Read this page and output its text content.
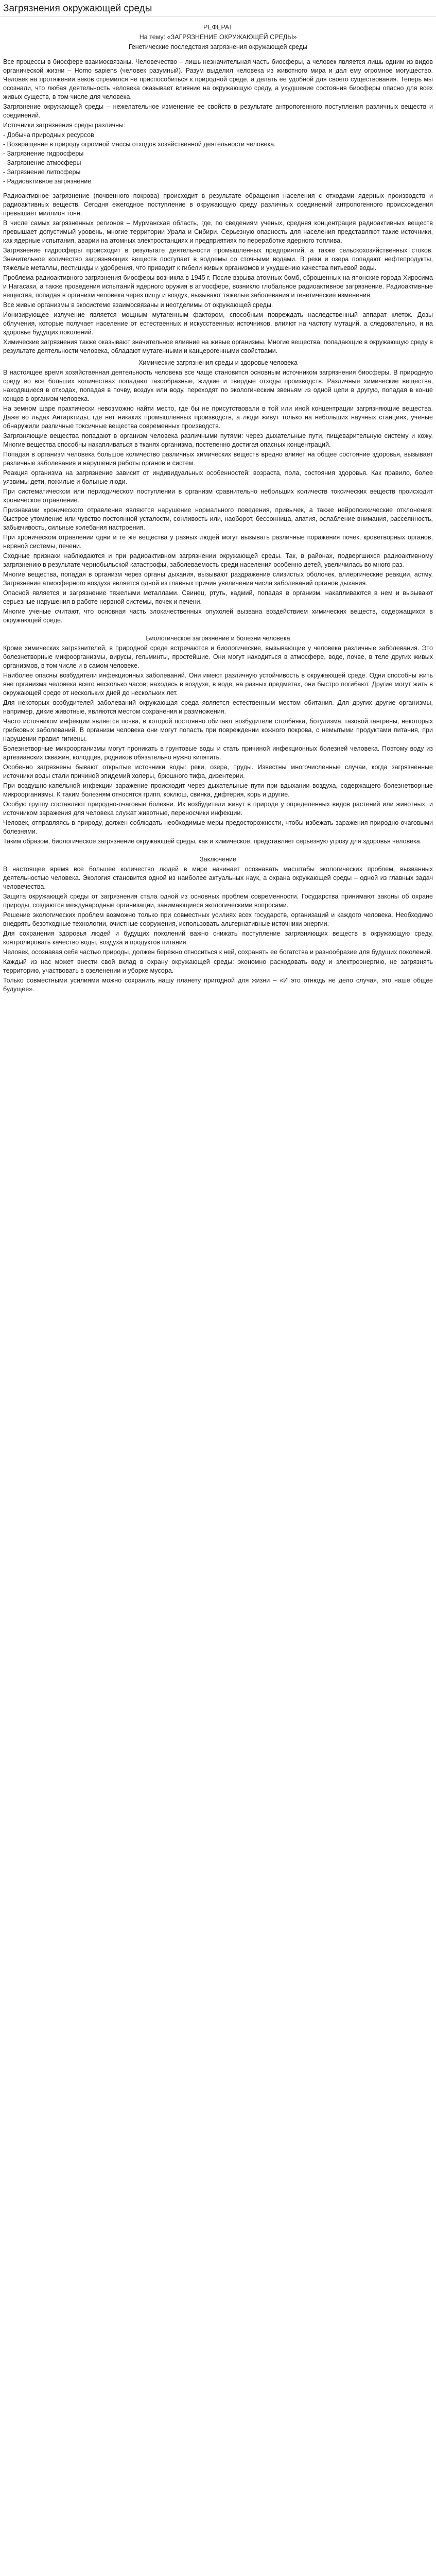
Загрязнения окружающей среды

РЕФЕРАТ

На тему: «ЗАГРЯЗНЕНИЕ ОКРУЖАЮЩЕЙ СРЕДЫ»

Генетические последствия загрязнения окружающей среды

Все процессы в биосфере взаимосвязаны. Человечество – лишь незначительная часть биосферы, а человек является лишь одним из видов органической жизни – Homo sapiens (человек разумный). Разум выделил человека из животного мира и дал ему огромное могущество. Человек на протяжении веков стремился не приспособиться к природной среде, а делать ее удобной для своего существования. Теперь мы осознали, что любая деятельность человека оказывает влияние на окружающую среду, а ухудшение состояния биосферы опасно для всех живых существ, в том числе для человека.

Загрязнение окружающей среды – нежелательное изменение ее свойств в результате антропогенного поступления различных веществ и соединений.

Источники загрязнения среды различны:

- Добыча природных ресурсов

- Возвращение в природу огромной массы отходов хозяйственной деятельности человека.

- Загрязнение гидросферы

- Загрязнение атмосферы

- Загрязнение литосферы

- Радиоактивное загрязнение

Радиоактивное загрязнение (почвенного покрова) происходит в результате обращения населения с отходами ядерных производств и радиоактивных веществ. Сегодня ежегодное поступление в окружающую среду различных соединений антропогенного происхождения превышает миллион тонн.

В числе самых загрязненных регионов – Мурманская область, где, по сведениям ученых, средняя концентрация радиоактивных веществ превышает допустимый уровень, многие территории Урала и Сибири. Серьезную опасность для населения представляют такие источники, как ядерные испытания, аварии на атомных электростанциях и предприятиях по переработке ядерного топлива.

Загрязнение гидросферы происходит в результате деятельности промышленных предприятий, а также сельскохозяйственных стоков. Значительное количество загрязняющих веществ поступает в водоемы со сточными водами. В реки и озера попадают нефтепродукты, тяжелые металлы, пестициды и удобрения, что приводит к гибели живых организмов и ухудшению качества питьевой воды.

Проблема радиоактивного загрязнения биосферы возникла в 1945 г. После взрыва атомных бомб, сброшенных на японские города Хиросима и Нагасаки, а также проведения испытаний ядерного оружия в атмосфере, возникло глобальное радиоактивное загрязнение. Радиоактивные вещества, попадая в организм человека через пищу и воздух, вызывают тяжелые заболевания и генетические изменения.

Все живые организмы в экосистеме взаимосвязаны и неотделимы от окружающей среды.

Ионизирующее излучение является мощным мутагенным фактором, способным повреждать наследственный аппарат клеток. Дозы облучения, которые получает население от естественных и искусственных источников, влияют на частоту мутаций, а следовательно, и на здоровье будущих поколений.

Химические загрязнения также оказывают значительное влияние на живые организмы. Многие вещества, попадающие в окружающую среду в результате деятельности человека, обладают мутагенными и канцерогенными свойствами.

Химические загрязнения среды и здоровье человека

В настоящее время хозяйственная деятельность человека все чаще становится основным источником загрязнения биосферы. В природную среду во все больших количествах попадают газообразные, жидкие и твердые отходы производств. Различные химические вещества, находящиеся в отходах, попадая в почву, воздух или воду, переходят по экологическим звеньям из одной цепи в другую, попадая в конце концов в организм человека.

На земном шаре практически невозможно найти место, где бы не присутствовали в той или иной концентрации загрязняющие вещества. Даже во льдах Антарктиды, где нет никаких промышленных производств, а люди живут только на небольших научных станциях, ученые обнаружили различные токсичные вещества современных производств.

Загрязняющие вещества попадают в организм человека различными путями: через дыхательные пути, пищеварительную систему и кожу. Многие вещества способны накапливаться в тканях организма, постепенно достигая опасных концентраций.

Попадая в организм человека большое количество различных химических веществ вредно влияет на общее состояние здоровья, вызывает различные заболевания и нарушения работы органов и систем.

Реакция организма на загрязнение зависит от индивидуальных особенностей: возраста, пола, состояния здоровья. Как правило, более уязвимы дети, пожилые и больные люди.

При систематическом или периодическом поступлении в организм сравнительно небольших количеств токсических веществ происходит хроническое отравление.

Признаками хронического отравления являются нарушение нормального поведения, привычек, а также нейропсихические отклонения: быстрое утомление или чувство постоянной усталости, сонливость или, наоборот, бессонница, апатия, ослабление внимания, рассеянность, забывчивость, сильные колебания настроения.

При хроническом отравлении одни и те же вещества у разных людей могут вызывать различные поражения почек, кроветворных органов, нервной системы, печени.

Сходные признаки наблюдаются и при радиоактивном загрязнении окружающей среды. Так, в районах, подвергшихся радиоактивному загрязнению в результате чернобыльской катастрофы, заболеваемость среди населения особенно детей, увеличилась во много раз.

Многие вещества, попадая в организм через органы дыхания, вызывают раздражение слизистых оболочек, аллергические реакции, астму. Загрязнение атмосферного воздуха является одной из главных причин увеличения числа заболеваний органов дыхания.

Опасной является и загрязнение тяжелыми металлами. Свинец, ртуть, кадмий, попадая в организм, накапливаются в нем и вызывают серьезные нарушения в работе нервной системы, почек и печени.

Многие ученые считают, что основная часть злокачественных опухолей вызвана воздействием химических веществ, содержащихся в окружающей среде.

Биологическое загрязнение и болезни человека

Кроме химических загрязнителей, в природной среде встречаются и биологические, вызывающие у человека различные заболевания. Это болезнетворные микроорганизмы, вирусы, гельминты, простейшие. Они могут находиться в атмосфере, воде, почве, в теле других живых организмов, в том числе и в самом человеке.

Наиболее опасны возбудители инфекционных заболеваний. Они имеют различную устойчивость в окружающей среде. Одни способны жить вне организма человека всего несколько часов; находясь в воздухе, в воде, на разных предметах, они быстро погибают. Другие могут жить в окружающей среде от нескольких дней до нескольких лет.

Для некоторых возбудителей заболеваний окружающая среда является естественным местом обитания. Для других другие организмы, например, дикие животные, являются местом сохранения и размножения.

Часто источником инфекции является почва, в которой постоянно обитают возбудители столбняка, ботулизма, газовой гангрены, некоторых грибковых заболеваний. В организм человека они могут попасть при повреждении кожного покрова, с немытыми продуктами питания, при нарушении правил гигиены.

Болезнетворные микроорганизмы могут проникать в грунтовые воды и стать причиной инфекционных болезней человека. Поэтому воду из артезианских скважин, колодцев, родников обязательно нужно кипятить.

Особенно загрязнены бывают открытые источники воды: реки, озера, пруды. Известны многочисленные случаи, когда загрязненные источники воды стали причиной эпидемий холеры, брюшного тифа, дизентерии.

При воздушно-капельной инфекции заражение происходит через дыхательные пути при вдыхании воздуха, содержащего болезнетворные микроорганизмы. К таким болезням относятся грипп, коклюш, свинка, дифтерия, корь и другие.

Особую группу составляют природно-очаговые болезни. Их возбудители живут в природе у определенных видов растений или животных, и источником заражения для человека служат животные, переносчики инфекции.

Человек, отправляясь в природу, должен соблюдать необходимые меры предосторожности, чтобы избежать заражения природно-очаговыми болезнями.

Таким образом, биологическое загрязнение окружающей среды, как и химическое, представляет серьезную угрозу для здоровья человека.

Заключение

В настоящее время все большее количество людей в мире начинает осознавать масштабы экологических проблем, вызванных деятельностью человека. Экология становится одной из наиболее актуальных наук, а охрана окружающей среды – одной из главных задач человечества.

Защита окружающей среды от загрязнения стала одной из основных проблем современности. Государства принимают законы об охране природы, создаются международные организации, занимающиеся экологическими вопросами.

Решение экологических проблем возможно только при совместных усилиях всех государств, организаций и каждого человека. Необходимо внедрять безотходные технологии, очистные сооружения, использовать альтернативные источники энергии.

Для сохранения здоровья людей и будущих поколений важно снижать поступление загрязняющих веществ в окружающую среду, контролировать качество воды, воздуха и продуктов питания.

Человек, осознавая себя частью природы, должен бережно относиться к ней, сохранять ее богатства и разнообразие для будущих поколений.

Каждый из нас может внести свой вклад в охрану окружающей среды: экономно расходовать воду и электроэнергию, не загрязнять территорию, участвовать в озеленении и уборке мусора.

Только совместными усилиями можно сохранить нашу планету пригодной для жизни – «И это отнюдь не дело случая, это наше общее будущее».
